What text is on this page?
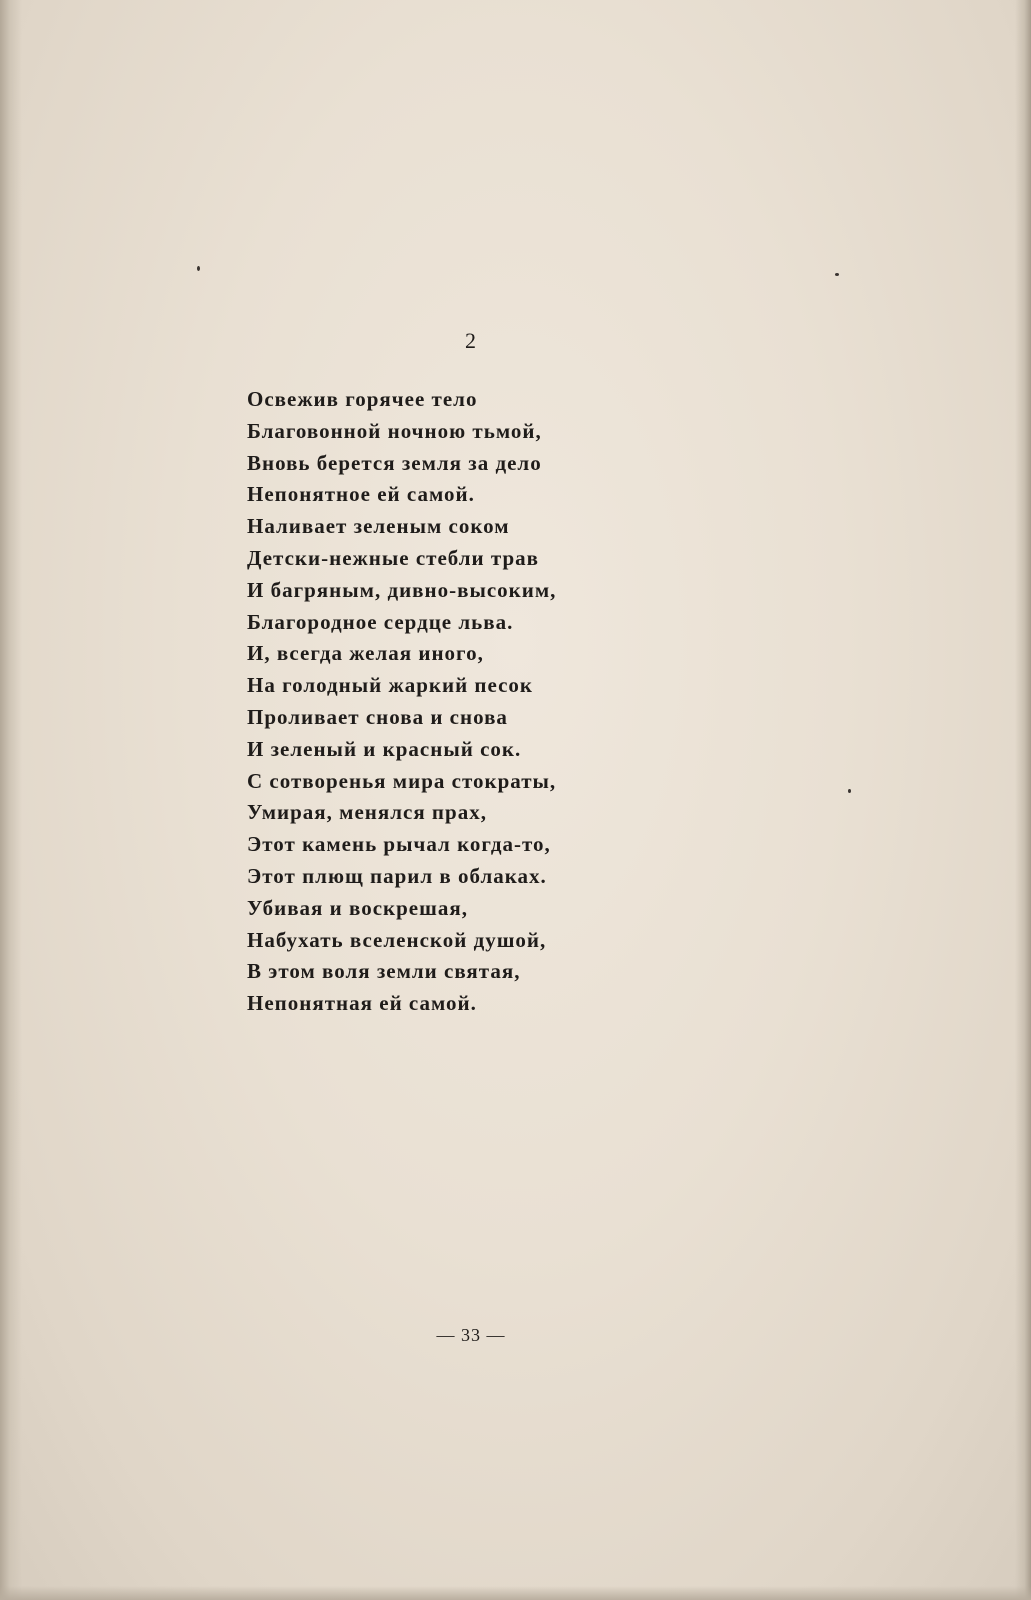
2
Освежив горячее тело
Благовонной ночною тьмой,
Вновь берется земля за дело
Непонятное ей самой.
Наливает зеленым соком
Детски-нежные стебли трав
И багряным, дивно-высоким,
Благородное сердце льва.
И, всегда желая иного,
На голодный жаркий песок
Проливает снова и снова
И зеленый и красный сок.
С сотворенья мира стократы,
Умирая, менялся прах,
Этот камень рычал когда-то,
Этот плющ парил в облаках.
Убивая и воскрешая,
Набухать вселенской душой,
В этом воля земли святая,
Непонятная ей самой.
— 33 —
